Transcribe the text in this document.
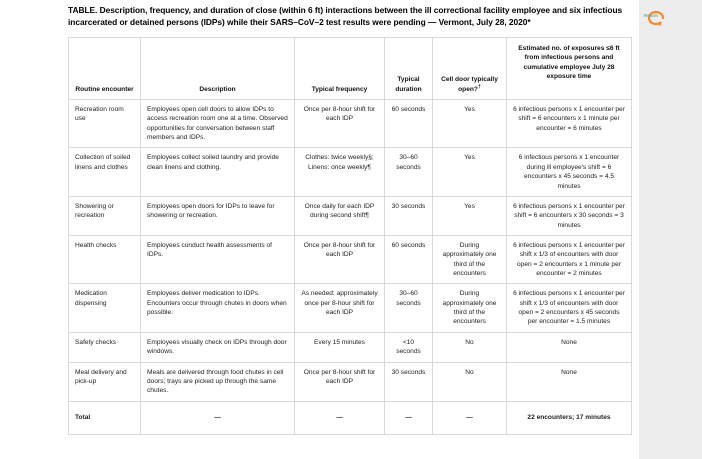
TABLE. Description, frequency, and duration of close (within 6 ft) interactions between the ill correctional facility employee and six infectious incarcerated or detained persons (IDPs) while their SARS–CoV–2 test results were pending — Vermont, July 28, 2020*

Return
Routine encounter	Description	Typical frequency	Typical duration	Cell door typically open?†	Estimated no. of exposures ≤6 ft from infectious persons and cumulative employee July 28 exposure time
Recreation room use	Employees open cell doors to allow IDPs to access recreation room one at a time. Observed opportunities for conversation between staff members and IDPs.	Once per 8-hour shift for each IDP	60 seconds	Yes	6 infectious persons x 1 encounter per shift = 6 encounters x 1 minute per encounter = 6 minutes
Collection of soiled linens and clothes	Employees collect soiled laundry and provide clean linens and clothing.	Clothes: twice weekly§; Linens: once weekly¶	30–60 seconds	Yes	6 infectious persons x 1 encounter during ill employee's shift = 6 encounters x 45 seconds = 4.5 minutes
Showering or recreation	Employees open doors for IDPs to leave for showering or recreation.	Once daily for each IDP during second shift¶	30 seconds	Yes	6 infectious persons x 1 encounter per shift = 6 encounters x 30 seconds = 3 minutes
Health checks	Employees conduct health assessments of IDPs.	Once per 8-hour shift for each IDP	60 seconds	During approximately one third of the encounters	6 infectious persons x 1 encounter per shift x 1/3 of encounters with door open = 2 encounters x 1 minute per encounter = 2 minutes
Medication dispensing	Employees deliver medication to IDPs. Encounters occur through chutes in doors when possible.	As needed: approximately once per 8-hour shift for each IDP	30–60 seconds	During approximately one third of the encounters	6 infectious persons x 1 encounter per shift x 1/3 of encounters with door open = 2 encounters x 45 seconds per encounter = 1.5 minutes
Safety checks	Employees visually check on IDPs through door windows.	Every 15 minutes	<10 seconds	No	None
Meal delivery and pick-up	Meals are delivered through food chutes in cell doors; trays are picked up through the same chutes.	Once per 8-hour shift for each IDP	30 seconds	No	None
Total	—	—	—	—	22 encounters; 17 minutes
